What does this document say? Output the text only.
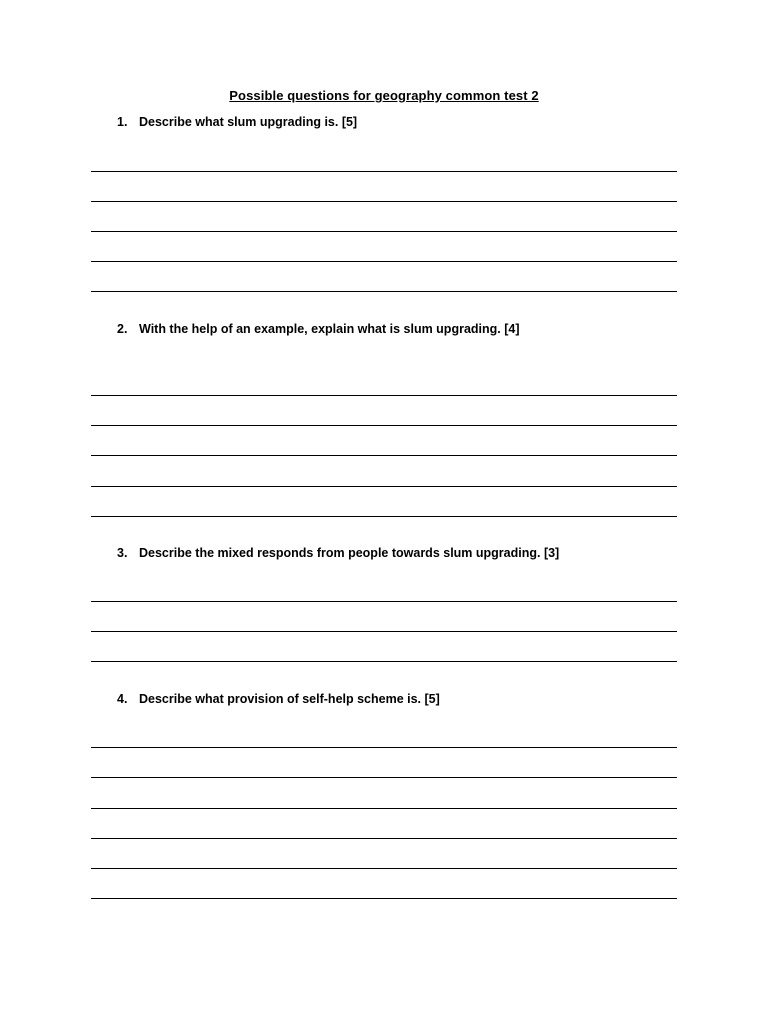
Possible questions for geography common test 2
1. Describe what slum upgrading is. [5]
2. With the help of an example, explain what is slum upgrading. [4]
3. Describe the mixed responds from people towards slum upgrading. [3]
4. Describe what provision of self-help scheme is. [5]
